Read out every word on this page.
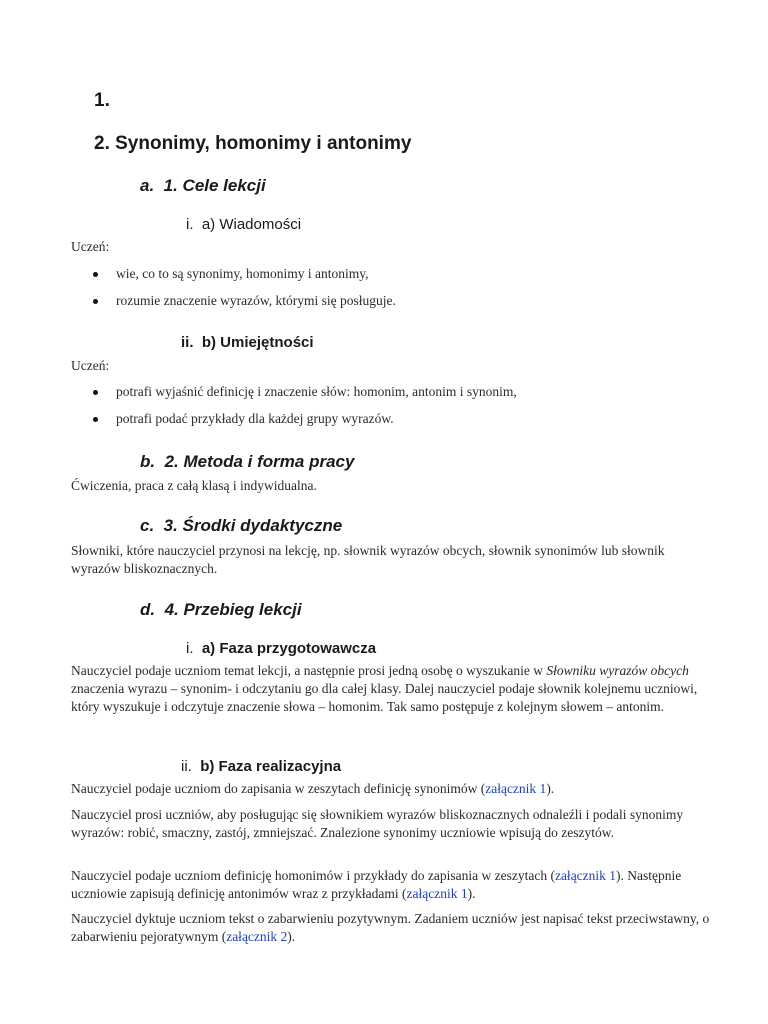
1.
2. Synonimy, homonimy i antonimy
a. 1. Cele lekcji
i. a) Wiadomości

Uczeń:

wie, co to są synonimy, homonimy i antonimy,
rozumie znaczenie wyrazów, którymi się posługuje.
ii. b) Umiejętności

Uczeń:

potrafi wyjaśnić definicję i znaczenie słów: homonim, antonim i synonim,
potrafi podać przykłady dla każdej grupy wyrazów.
b. 2. Metoda i forma pracy

Ćwiczenia, praca z całą klasą i indywidualna.

c. 3. Środki dydaktyczne

Słowniki, które nauczyciel przynosi na lekcję, np. słownik wyrazów obcych, słownik synonimów lub słownik wyrazów bliskoznacznych.

d. 4. Przebieg lekcji
i. a) Faza przygotowawcza

Nauczyciel podaje uczniom temat lekcji, a następnie prosi jedną osobę o wyszukanie w Słowniku wyrazów obcych znaczenia wyrazu – synonim- i odczytaniu go dla całej klasy. Dalej nauczyciel podaje słownik kolejnemu uczniowi, który wyszukuje i odczytuje znaczenie słowa – homonim. Tak samo postępuje z kolejnym słowem – antonim.

ii. b) Faza realizacyjna

Nauczyciel podaje uczniom do zapisania w zeszytach definicję synonimów (załącznik 1).

Nauczyciel prosi uczniów, aby posługując się słownikiem wyrazów bliskoznacznych odnaleźli i podali synonimy wyrazów: robić, smaczny, zastój, zmniejszać. Znalezione synonimy uczniowie wpisują do zeszytów.

Nauczyciel podaje uczniom definicję homonimów i przykłady do zapisania w zeszytach (załącznik 1). Następnie uczniowie zapisują definicję antonimów wraz z przykładami (załącznik 1).

Nauczyciel dyktuje uczniom tekst o zabarwieniu pozytywnym. Zadaniem uczniów jest napisać tekst przeciwstawny, o zabarwieniu pejoratywnym (załącznik 2).
